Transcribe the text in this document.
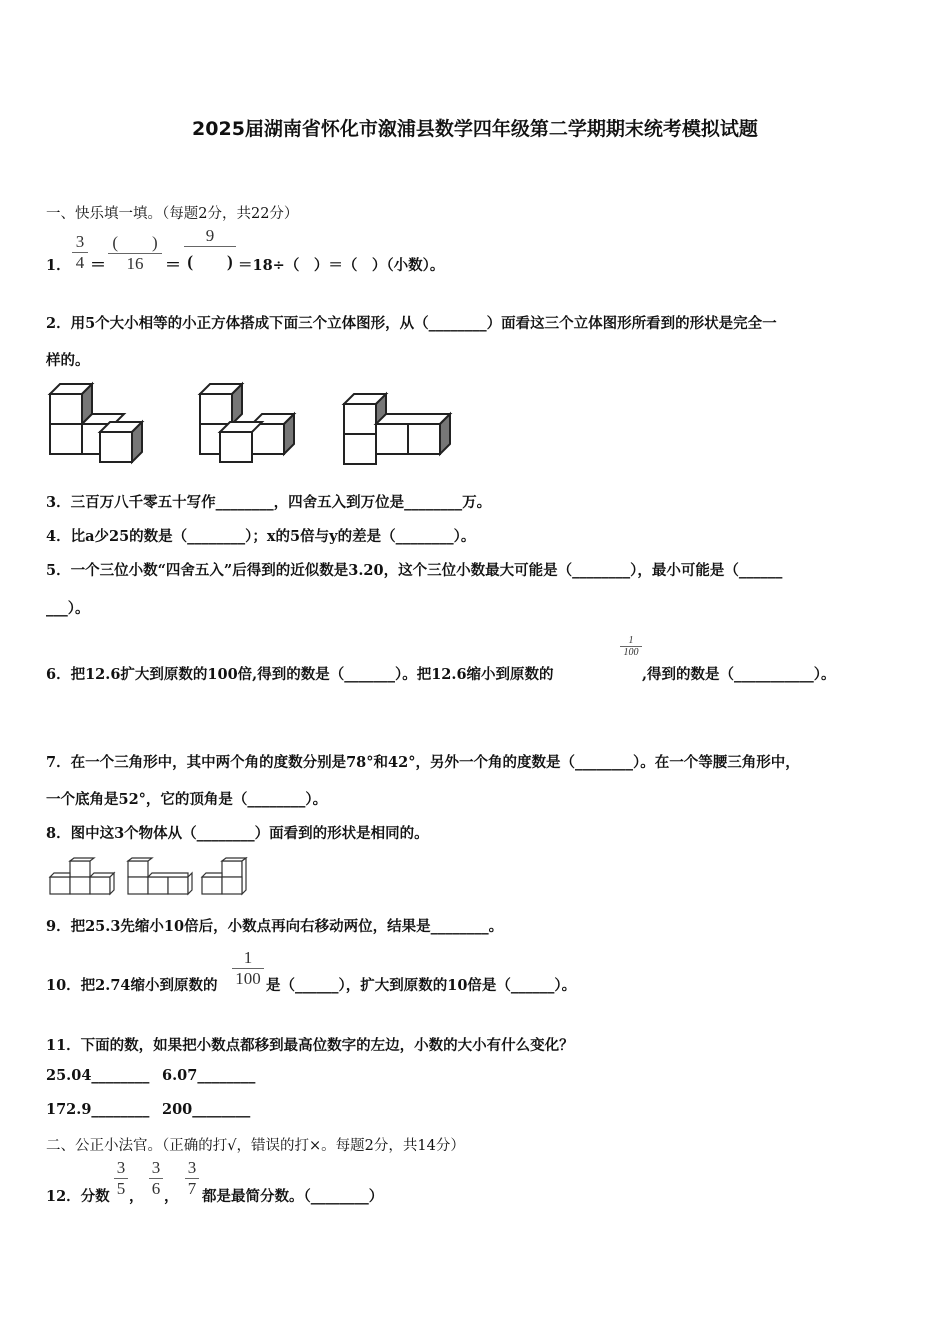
2025届湖南省怀化市溆浦县数学四年级第二学期期末统考模拟试题
一、快乐填一填。（每题2分，共22分）
1．
3
4 ＝
(　　)
16	＝
9
(　　) ＝18÷（　）＝（　）（小数）。
2．用5个大小相等的小正方体搭成下面三个立体图形，从（________）面看这三个立体图形所看到的形状是完全一
样的。
3．三百万八千零五十写作________，四舍五入到万位是________万。
4．比a少25的数是（________）；x的5倍与y的差是（________）。
5．一个三位小数“四舍五入”后得到的近似数是3.20，这个三位小数最大可能是（________），最小可能是（______
___）。
6．把12.6扩大到原数的100倍,得到的数是（_______）。把12.6缩小到原数的
1
100
,得到的数是（___________）。
7．在一个三角形中，其中两个角的度数分别是78°和42°，另外一个角的度数是（________）。在一个等腰三角形中，
一个底角是52°，它的顶角是（________）。
8．图中这3个物体从（________）面看到的形状是相同的。
9．把25.3先缩小10倍后，小数点再向右移动两位，结果是________。
10．把2.74缩小到原数的
1
100 是（______），扩大到原数的10倍是（______）。
11．下面的数，如果把小数点都移到最高位数字的左边，小数的大小有什么变化？
25.04________ 6.07________
172.9________ 200________
二、公正小法官。（正确的打√，错误的打×。每题2分，共14分）
12．分数
3
5 ，
3
6 ，
3
7 都是最简分数。（________）
